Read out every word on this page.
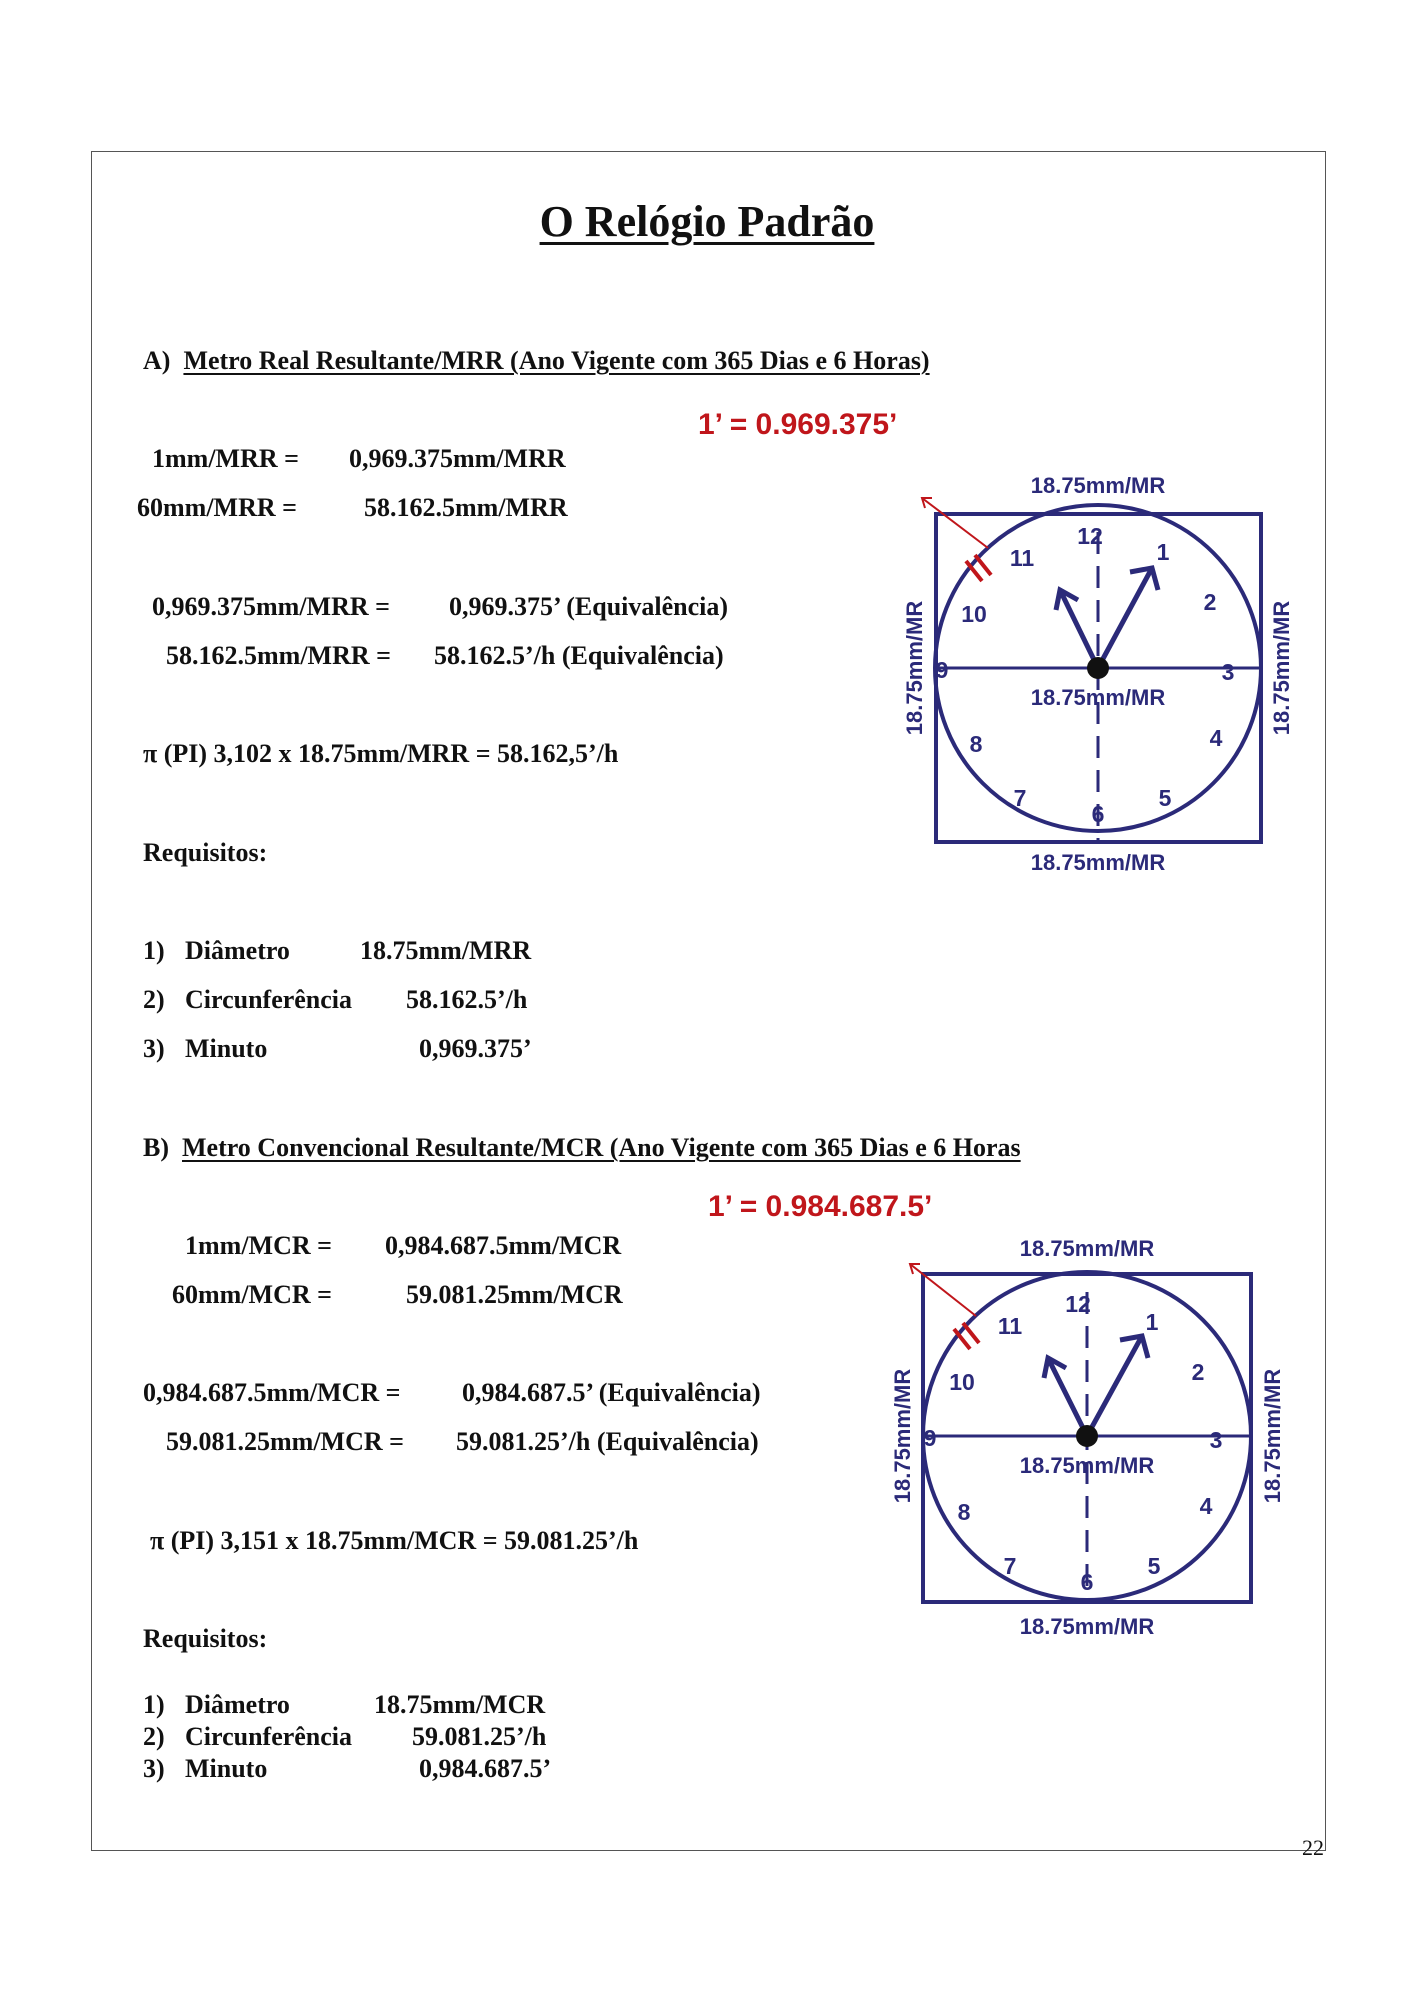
O Relógio Padrão
A) Metro Real Resultante/MRR (Ano Vigente com 365 Dias e 6 Horas)
1’ = 0.969.375’
1mm/MRR = 0,969.375mm/MRR
60mm/MRR =	58.162.5mm/MRR
0,969.375mm/MRR = 0,969.375’ (Equivalência)
58.162.5mm/MRR = 58.162.5’/h (Equivalência)
π (PI) 3,102 x 18.75mm/MRR = 58.162,5’/h
Requisitos:
1) Diâmetro	18.75mm/MRR
2) Circunferência 58.162.5’/h
3) Minuto	0,969.375’
B) Metro Convencional Resultante/MCR (Ano Vigente com 365 Dias e 6 Horas
1’ = 0.984.687.5’
1mm/MCR = 0,984.687.5mm/MCR
60mm/MCR =	59.081.25mm/MCR
0,984.687.5mm/MCR = 0,984.687.5’ (Equivalência)
59.081.25mm/MCR = 59.081.25’/h (Equivalência)
π (PI) 3,151 x 18.75mm/MCR = 59.081.25’/h
Requisitos:
1) Diâmetro	18.75mm/MCR
2) Circunferência 59.081.25’/h
3) Minuto	0,984.687.5’
18.75mm/MR
18.75mm/MR
18.75mm/MR
18.75mm/MR	18.75mm/MR
1
2
3
4
5
6
7
8
9
10
11
12
18.75mm/MR
18.75mm/MR
18.75mm/MR
18.75mm/MR	18.75mm/MR
1
2
3
4
5
6
7
8
9
10
11
12
22
